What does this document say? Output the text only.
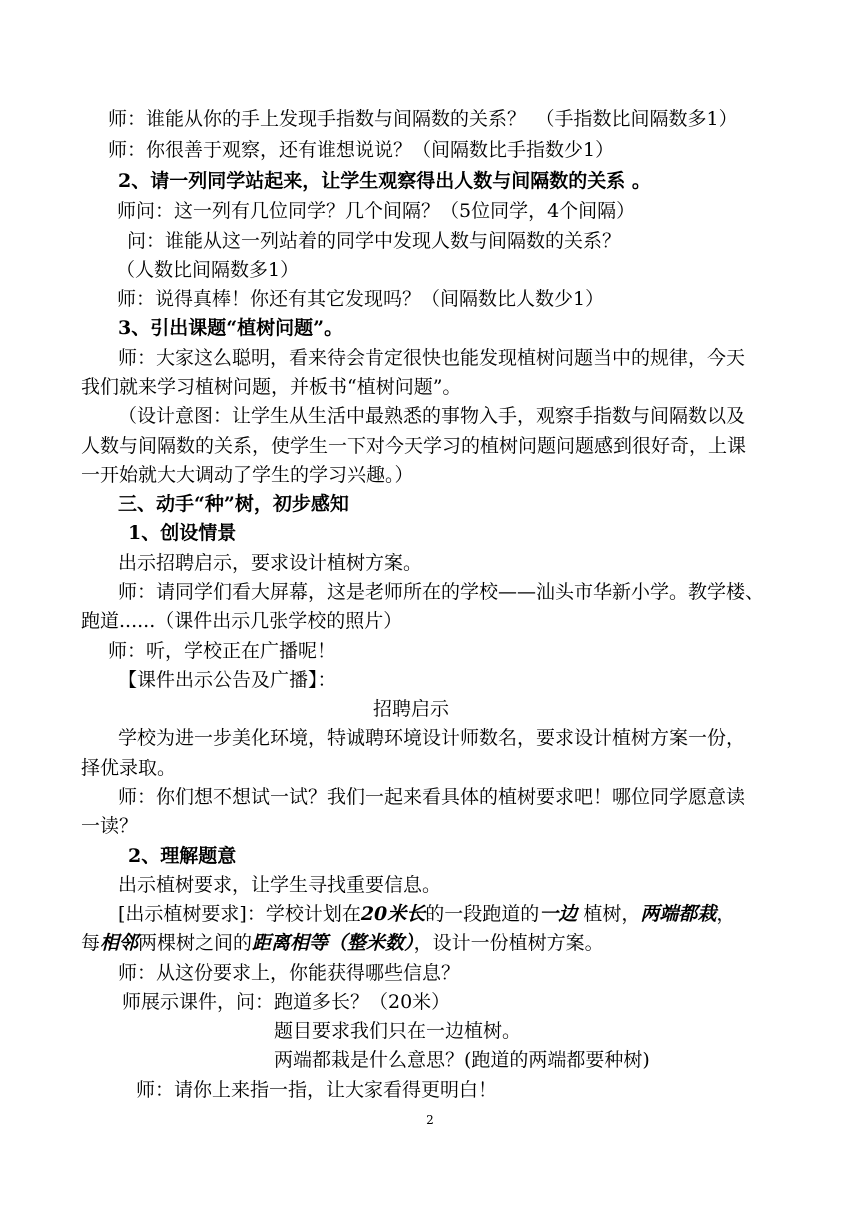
师：谁能从你的手上发现手指数与间隔数的关系？　（手指数比间隔数多1）
师：你很善于观察，还有谁想说说？（间隔数比手指数少1）
2、请一列同学站起来，让学生观察得出人数与间隔数的关系 。
师问：这一列有几位同学？几个间隔？（5位同学，4个间隔）
问：谁能从这一列站着的同学中发现人数与间隔数的关系？
（人数比间隔数多1）
师：说得真棒！你还有其它发现吗？（间隔数比人数少1）
3、引出课题“植树问题”。
师：大家这么聪明，看来待会肯定很快也能发现植树问题当中的规律，今天
我们就来学习植树问题，并板书“植树问题”。
（设计意图：让学生从生活中最熟悉的事物入手，观察手指数与间隔数以及
人数与间隔数的关系，使学生一下对今天学习的植树问题问题感到很好奇，上课
一开始就大大调动了学生的学习兴趣。）
三、动手“种”树，初步感知
1、创设情景
出示招聘启示，要求设计植树方案。
师：请同学们看大屏幕，这是老师所在的学校——汕头市华新小学。教学楼、
跑道......（课件出示几张学校的照片）
师：听，学校正在广播呢！
【课件出示公告及广播】：
招聘启示
学校为进一步美化环境，特诚聘环境设计师数名，要求设计植树方案一份，
择优录取。
师：你们想不想试一试？我们一起来看具体的植树要求吧！哪位同学愿意读
一读？
2、理解题意
出示植树要求，让学生寻找重要信息。
[出示植树要求]：学校计划在20米长的一段跑道的一边 植树，两端都栽，
每相邻两棵树之间的距离相等（整米数），设计一份植树方案。
师：从这份要求上，你能获得哪些信息？
师展示课件，问：跑道多长？（20米）
题目要求我们只在一边植树。
两端都栽是什么意思？(跑道的两端都要种树)
师：请你上来指一指，让大家看得更明白！
2
